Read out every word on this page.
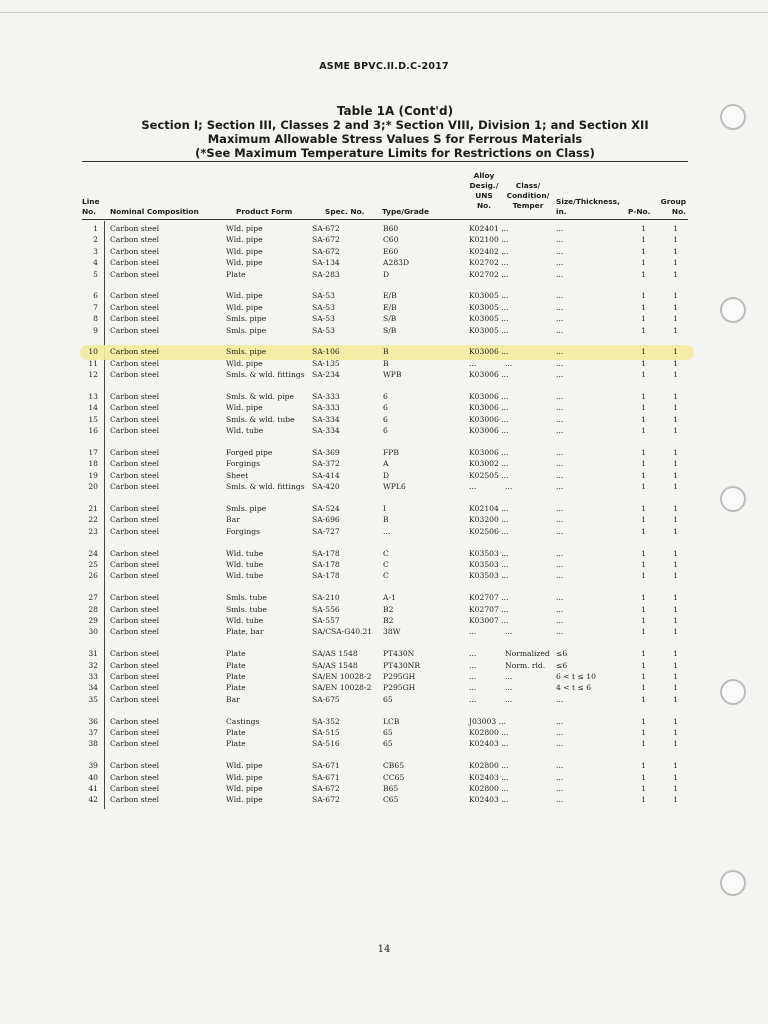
ASME BPVC.II.D.C-2017
Table 1A (Cont'd)
Section I; Section III, Classes 2 and 3;* Section VIII, Division 1; and Section XII
Maximum Allowable Stress Values S for Ferrous Materials
(*See Maximum Temperature Limits for Restrictions on Class)
Line
No.	Nominal Composition	Product Form	Spec. No. Type/Grade
Alloy
Desig./
UNS
No.
Class/
Condition/
Temper	Size/Thickness,
in.	P-No.
Group
No.
1 Carbon steel	Wld. pipe	SA-672	B60	K02401 ...	...	1	1
2 Carbon steel	Wld. pipe	SA-672	C60	K02100 ...	...	1	1
3 Carbon steel	Wld. pipe	SA-672	E60	K02402 ...	...	1	1
4 Carbon steel	Wld. pipe	SA-134	A283D	K02702 ...	...	1	1
5 Carbon steel	Plate	SA-283	D	K02702 ...	...	1	1
6 Carbon steel	Wld. pipe	SA-53	E/B	K03005 ...	...	1	1
7 Carbon steel	Wld. pipe	SA-53	E/B	K03005 ...	...	1	1
8 Carbon steel	Smls. pipe	SA-53	S/B	K03005 ...	...	1	1
9 Carbon steel	Smls. pipe	SA-53	S/B	K03005 ...	...	1	1
10 Carbon steel	Smls. pipe	SA-106	B	K03006 ...	...	1	1
11 Carbon steel	Wld. pipe	SA-135	B	...	...	...	1	1
12 Carbon steel	Smls. & wld. fittings SA-234	WPB	K03006 ...	...	1	1
13 Carbon steel	Smls. & wld. pipe SA-333	6	K03006 ...	...	1	1
14 Carbon steel	Wld. pipe	SA-333	6	K03006 ...	...	1	1
15 Carbon steel	Smls. & wld. tube SA-334	6	K03006 ...	...	1	1
16 Carbon steel	Wld. tube	SA-334	6	K03006 ...	...	1	1
17 Carbon steel	Forged pipe	SA-369	FPB	K03006 ...	...	1	1
18 Carbon steel	Forgings	SA-372	A	K03002 ...	...	1	1
19 Carbon steel	Sheet	SA-414	D	K02505 ...	...	1	1
20 Carbon steel	Smls. & wld. fittings SA-420	WPL6	...	...	...	1	1
21 Carbon steel	Smls. pipe	SA-524	I	K02104 ...	...	1	1
22 Carbon steel	Bar	SA-696	B	K03200 ...	...	1	1
23 Carbon steel	Forgings	SA-727	...	K02506 ...	...	1	1
24 Carbon steel	Wld. tube	SA-178	C	K03503 ...	...	1	1
25 Carbon steel	Wld. tube	SA-178	C	K03503 ...	...	1	1
26 Carbon steel	Wld. tube	SA-178	C	K03503 ...	...	1	1
27 Carbon steel	Smls. tube	SA-210	A-1	K02707 ...	...	1	1
28 Carbon steel	Smls. tube	SA-556	B2	K02707 ...	...	1	1
29 Carbon steel	Wld. tube	SA-557	B2	K03007 ...	...	1	1
30 Carbon steel	Plate, bar	SA/CSA-G40.21 38W	...	...	...	1	1
31 Carbon steel	Plate	SA/AS 1548	PT430N	...	Normalized ≤6	1	1
32 Carbon steel	Plate	SA/AS 1548	PT430NR	...	Norm. rld. ≤6	1	1
33 Carbon steel	Plate	SA/EN 10028-2 P295GH	...	...	6 < t ≤ 10	1	1
34 Carbon steel	Plate	SA/EN 10028-2 P295GH	...	...	4 < t ≤ 6	1	1
35 Carbon steel	Bar	SA-675	65	...	...	...	1	1
36 Carbon steel	Castings	SA-352	LCB	J03003 ...	...	1	1
37 Carbon steel	Plate	SA-515	65	K02800 ...	...	1	1
38 Carbon steel	Plate	SA-516	65	K02403 ...	...	1	1
39 Carbon steel	Wld. pipe	SA-671	CB65	K02800 ...	...	1	1
40 Carbon steel	Wld. pipe	SA-671	CC65	K02403 ...	...	1	1
41 Carbon steel	Wld. pipe	SA-672	B65	K02800 ...	...	1	1
42 Carbon steel	Wld. pipe	SA-672	C65	K02403 ...	...	1	1
14
